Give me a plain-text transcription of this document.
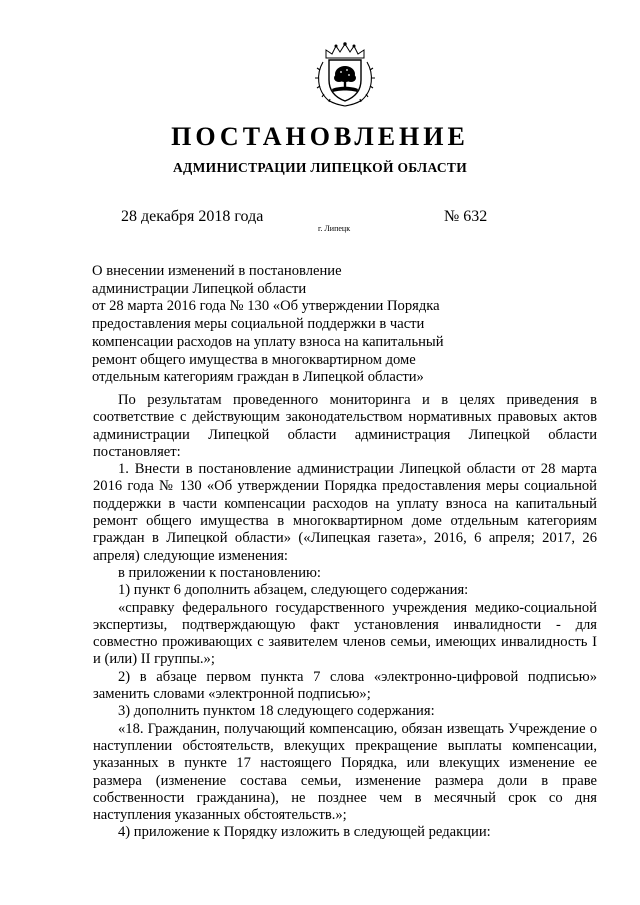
ПОСТАНОВЛЕНИЕ
АДМИНИСТРАЦИИ ЛИПЕЦКОЙ ОБЛАСТИ
28 декабря 2018 года
г. Липецк
№ 632
О внесении изменений в постановление
администрации Липецкой области
от 28 марта 2016 года № 130 «Об утверждении Порядка
предоставления меры социальной поддержки в части
компенсации расходов на уплату взноса на капитальный
ремонт общего имущества в многоквартирном доме
отдельным категориям граждан в Липецкой области»

По результатам проведенного мониторинга и в целях приведения в соответствие с действующим законодательством нормативных правовых актов администрации Липецкой области администрация Липецкой области постановляет:

1. Внести в постановление администрации Липецкой области от 28 марта 2016 года № 130 «Об утверждении Порядка предоставления меры социальной поддержки в части компенсации расходов на уплату взноса на капитальный ремонт общего имущества в многоквартирном доме отдельным категориям граждан в Липецкой области» («Липецкая газета», 2016, 6 апреля; 2017, 26 апреля) следующие изменения:

в приложении к постановлению:

1) пункт 6 дополнить абзацем, следующего содержания:

«справку федерального государственного учреждения медико-социальной экспертизы, подтверждающую факт установления инвалидности - для совместно проживающих с заявителем членов семьи, имеющих инвалидность I и (или) II группы.»;

2) в абзаце первом пункта 7 слова «электронно-цифровой подписью» заменить словами «электронной подписью»;

3) дополнить пунктом 18 следующего содержания:

«18. Гражданин, получающий компенсацию, обязан извещать Учреждение о наступлении обстоятельств, влекущих прекращение выплаты компенсации, указанных в пункте 17 настоящего Порядка, или влекущих изменение ее размера (изменение состава семьи, изменение размера доли в праве собственности гражданина), не позднее чем в месячный срок со дня наступления указанных обстоятельств.»;

4) приложение к Порядку изложить в следующей редакции:
